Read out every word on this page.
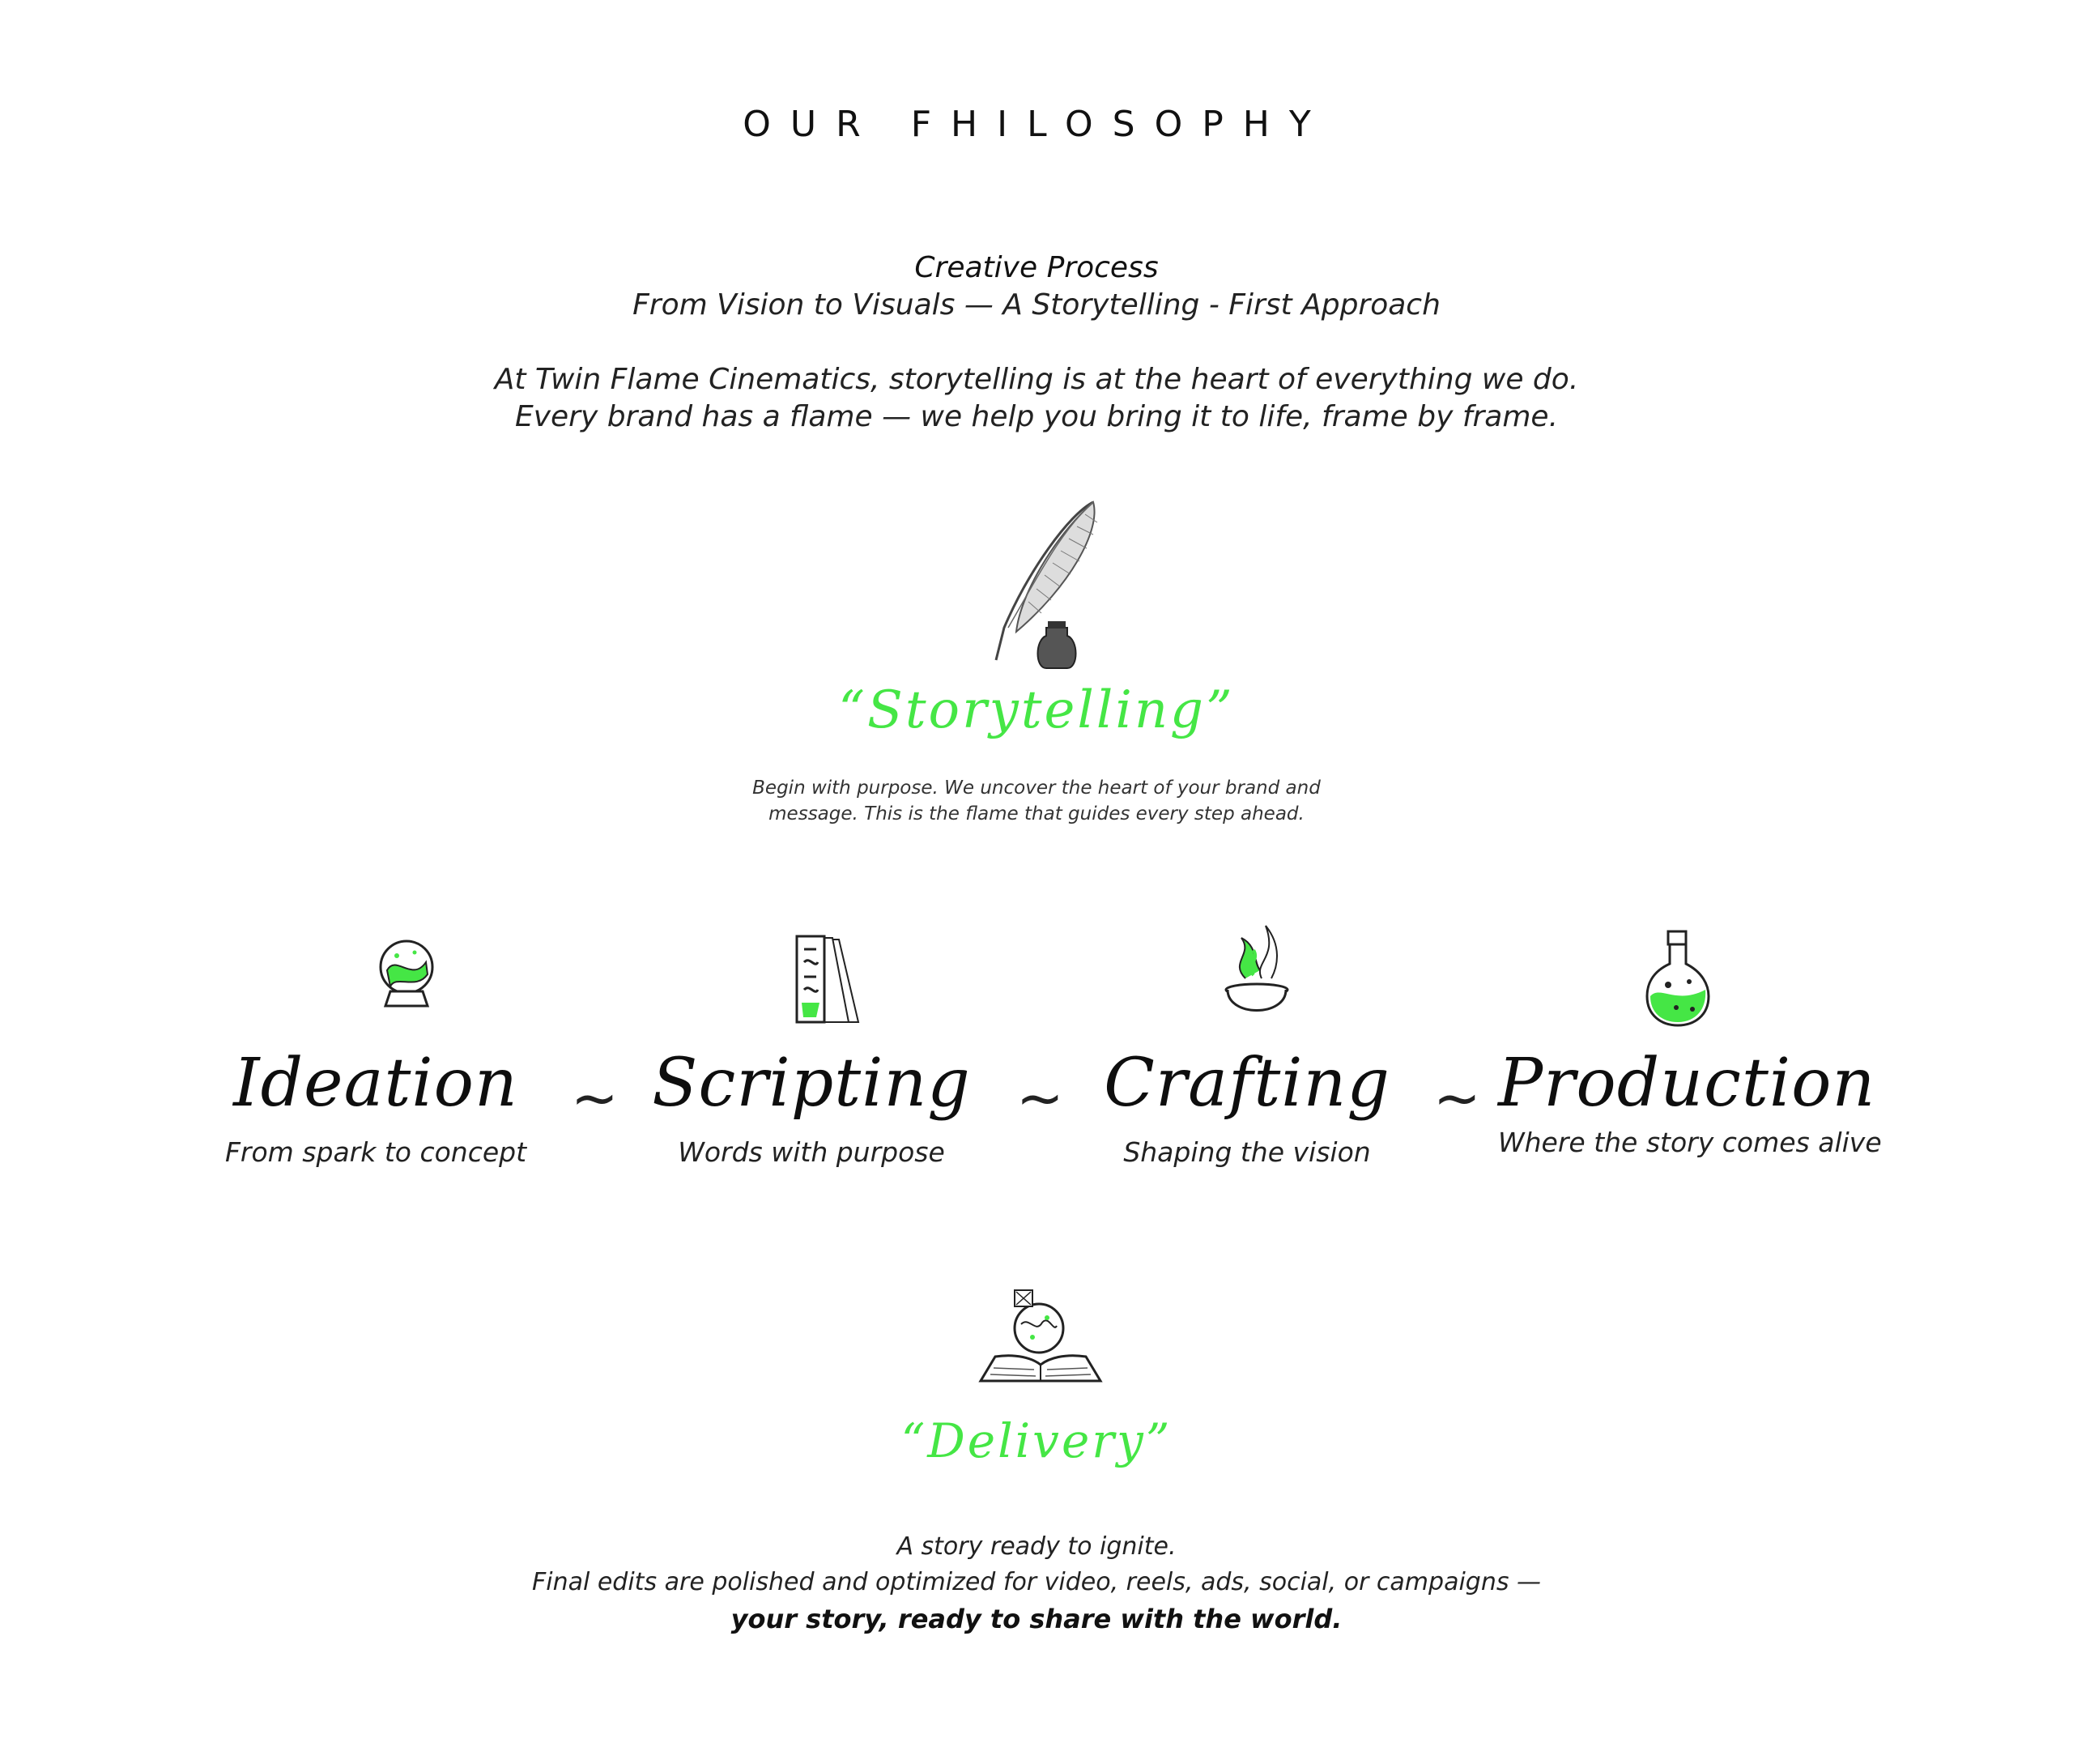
OUR FHILOSOPHY
Creative Process
From Vision to Visuals — A Storytelling - First Approach
At Twin Flame Cinematics, storytelling is at the heart of everything we do.
Every brand has a flame — we help you bring it to life, frame by frame.
“Storytelling”
Begin with purpose. We uncover the heart of your brand and
message. This is the flame that guides every step ahead.
Ideation
From spark to concept
Scripting
Words with purpose
Crafting
Shaping the vision
Production
Where the story comes alive
~	~	~
“Delivery”
A story ready to ignite.
Final edits are polished and optimized for video, reels, ads, social, or campaigns —
your story, ready to share with the world.
